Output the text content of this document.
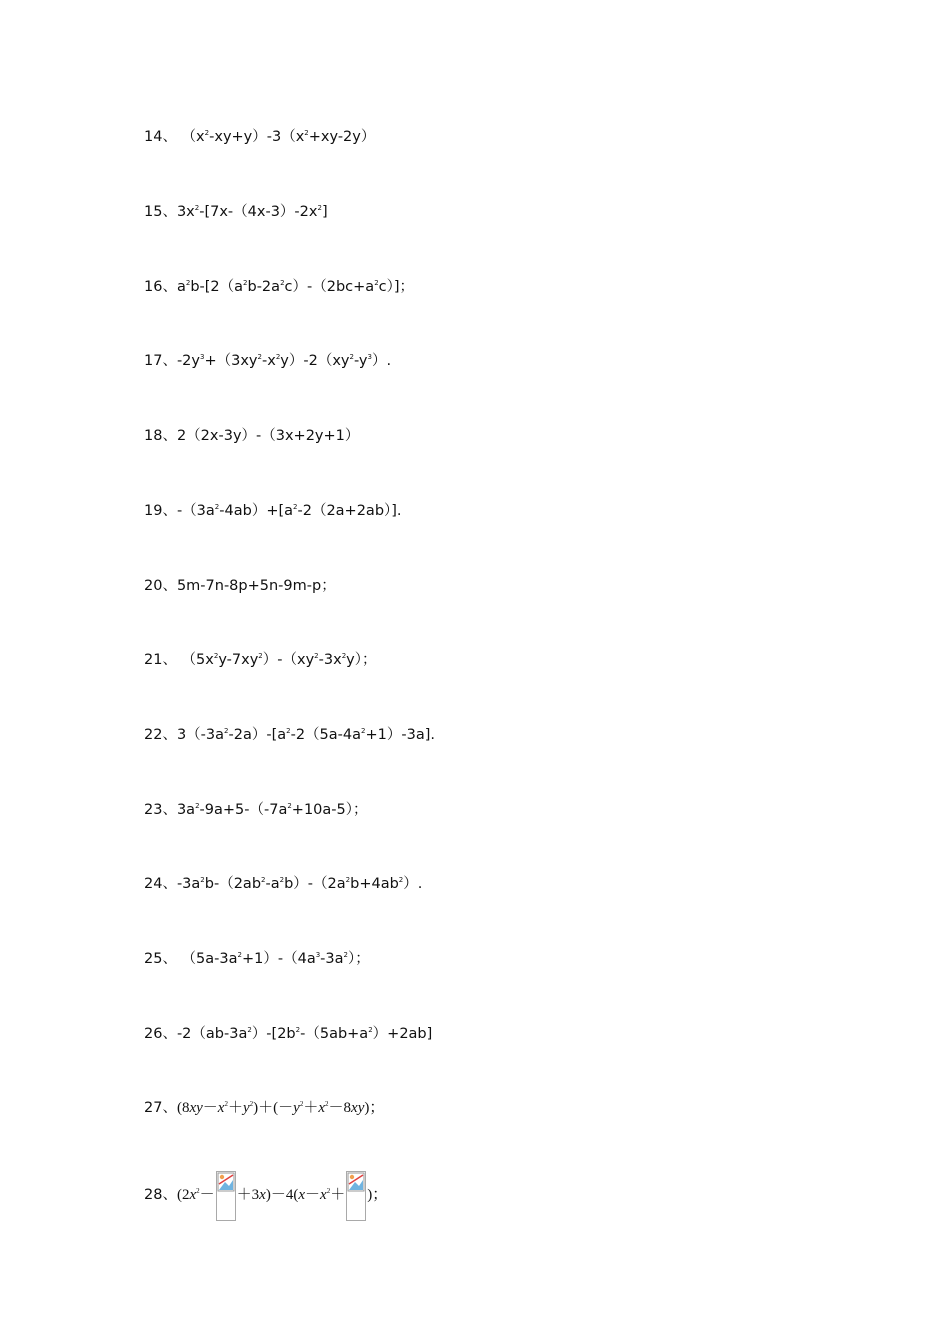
14、 $(x^2-xy+y)-3(x^2+xy-2y)$
15、$3x^2-[7x-(4x-3)-2x^2]$
16、$a^2b-[2(a^2b-2a^2c)-(2bc+a^2c)]$；
17、$-2y^3+(3xy^2-x^2y)-2(xy^2-y^3)$.
18、2（2x-3y）-（3x+2y+1）
19、$-(3a^2-4ab)+[a^2-2(2a+2ab)]$.
20、5m-7n-8p+5n-9m-p；
21、 $(5x^2y-7xy^2)-(xy^2-3x^2y)$；
22、$3(-3a^2-2a)-[a^2-2(5a-4a^2+1)-3a]$.
23、$3a^2-9a+5-(-7a^2+10a-5)$；
24、$-3a^2b-(2ab^2-a^2b)-(2a^2b+4ab^2)$.
25、 $(5a-3a^2+1)-(4a^3-3a^2)$；
26、$-2(ab-3a^2)-[2b^2-(5ab+a^2)+2ab]$
27、$(8xy-x^2+y^2)+(-y^2+x^2-8xy)$；
28、$(2x^2- +3x)-4(x-x^2+$ )；
